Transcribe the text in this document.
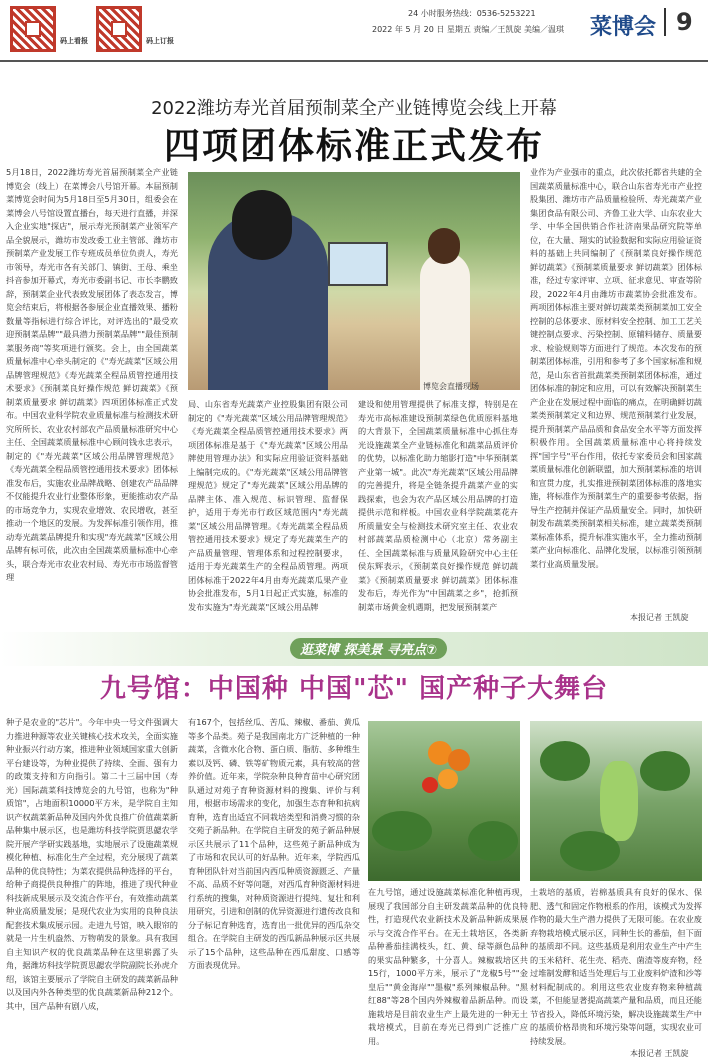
码上看报	码上订报
24 小时服务热线：0536-5253221
2022 年 5 月 20 日 星期五 责编／王凯旋 美编／温琪 菜博会 9
2022潍坊寿光首届预制菜全产业链博览会线上开幕
四项团体标准正式发布
5月18日，2022潍坊寿光首届预制菜全产业链博览会（线上）在菜博会八号馆开幕。本届预制菜博览会时间为5月18日至5月30日，组委会在菜博会八号馆设置直播台，每天进行直播，并深入企业实地"探店"，展示寿光预制菜产业领军产品全貌展示，潍坊市发改委工业主管部、潍坊市预制菜产业发展工作专班成员单位负责人，寿光市领导，寿光市各有关部门、镇街、王母、乘坐抖音参加开幕式，寿光市委副书记、市长李鹏致辞，预制菜企业代表致发展团体了表态发言，博览会结束后，将根据各参展企业直播效果、播粉数量等指标进行综合评比，对评选出的"最受欢迎预制菜品牌""最具潜力预制菜品牌""最佳预制菜服务商"等奖项进行颁奖。会上，由全国蔬菜质量标准中心牵头制定的《"寿光蔬菜"区域公用品牌管理规范》《寿光蔬菜全程品质管控通用技术要求》《预制菜良好操作规范 鲜切蔬菜》《预制菜质量要求 鲜切蔬菜》四项团体标准正式发布。中国农业科学院农业质量标准与检测技术研究所所长、农业农村部农产品质量标准研究中心主任、全国蔬菜质量标准中心顾问钱永忠表示，制定的《"寿光蔬菜"区域公用品牌管理规范》《寿光蔬菜全程品质管控通用技术要求》团体标准发布后，实施农业品牌战略、创建农产品品牌不仅能提升农业行业整体形象，更能推动农产品的市场竞争力，实现农业增效、农民增收，甚至推动一个地区的发展。为发挥标准引领作用，推动寿光蔬菜品牌提升和实现"寿光蔬菜"区域公用品牌有标可依，此次由全国蔬菜质量标准中心牵头，联合寿光市农业农村局、寿光市市场监督管理
博览会直播现场
局、山东省寿光蔬菜产业控股集团有限公司制定的《"寿光蔬菜"区域公用品牌管理规范》《寿光蔬菜全程品质管控通用技术要求》两项团体标准是基于《"寿光蔬菜"区域公用品牌使用管理办法》和实际应用验证资料基础上编制完成的。《"寿光蔬菜"区域公用品牌管理规范》规定了"寿光蔬菜"区域公用品牌的品牌主体、准入规范、标识管理、监督保护，适用于寿光市行政区域范围内"寿光蔬菜"区域公用品牌管理。《寿光蔬菜全程品质管控通用技术要求》规定了寿光蔬菜生产的产品质量管理、管理体系和过程控制要求，适用于寿光蔬菜生产的全程品质管理。两项团体标准于2022年4月由寿光蔬菜瓜果产业协会批准发布，5月1日起正式实施，标准的发布实施为"寿光蔬菜"区域公用品牌
建设和使用管理提供了标准支撑，特别是在寿光市高标准建设预制菜绿色优质原料基地的大背景下，全国蔬菜质量标准中心抓住寿光设施蔬菜全产业链标准化和蔬菜品质评价的优势，以标准化助力缩影打造"中华预制菜产业第一城"。此次"寿光蔬菜"区域公用品牌的完善提升，将是全链条提升蔬菜产业的实践探索，也会为农产品区域公用品牌的打造提供示范和样板。中国农业科学院蔬菜花卉所质量安全与检测技术研究室主任、农业农村部蔬菜品质检测中心（北京）常务副主任、全国蔬菜标准与质量风险研究中心主任侯东辉表示，《预制菜良好操作规范 鲜切蔬菜》《预制菜质量要求 鲜切蔬菜》团体标准发布后，寿光作为"中国蔬菜之乡"，抢抓预制菜市场黄金机遇期，把发展预制菜产
业作为产业强市的重点，此次依托都省共建的全国蔬菜质量标准中心，联合山东省寿光市产业控股集团、潍坊市产品质量检验所、寿光蔬菜产业集团食品有限公司、齐鲁工业大学、山东农业大学、中华全国供销合作社济南果品研究院等单位，在大量、翔实的试验数据和实际应用验证资料的基础上共同编制了《预制菜良好操作规范 鲜切蔬菜》《预制菜质量要求 鲜切蔬菜》团体标准，经过专家评审、立项、征求意见、审查等阶段，2022年4月由潍坊市蔬菜协会批准发布。两项团体标准主要对鲜切蔬菜类预制菜加工安全控制的总体要求、原材料安全控制、加工工艺关键控制点要求、污染控制、原辅料储存、质量要求、检验规则等方面进行了规范。本次发布的预制菜团体标准，引用和参考了多个国家标准和规范，是山东省首批蔬菜类预制菜团体标准，通过团体标准的制定和应用，可以有效解决预制菜生产企业在发展过程中面临的痛点，在明确鲜切蔬菜类预制菜定义和边界、规范预制菜行业发展，提升预制菜产品品质和食品安全水平等方面发挥积极作用。全国蔬菜质量标准中心将持续发挥"国字号"平台作用，依托专家委员会和国家蔬菜质量标准化创新联盟，加大预制菜标准的培训和宣贯力度，扎实推进预制菜团体标准的落地实施，将标准作为预制菜生产的重要参考依据，指导生产控制并保证产品质量安全。同时，加快研制发布蔬菜类预制菜相关标准，建立蔬菜类预制菜标准体系，提升标准实施水平，全力推动预制菜产业向标准化、品牌化发展，以标准引领预制菜行业高质量发展。
本报记者 王凯旋
逛菜博 探美景 寻亮点⑦
九号馆：中国种 中国"芯" 国产种子大舞台
种子是农业的"芯片"。今年中央一号文件强调大力推进种源等农业关键核心技术攻关，全面实施种业振兴行动方案，推进种业领域国家重大创新平台建设等，为种业提供了持续、全面、强有力的政策支持和方向指引。第二十三届中国（寿光）国际蔬菜科技博览会的九号馆，也称为"种质馆"，占地面积10000平方米，是学院自主知识产权蔬菜新品种及国内外优良推广价值蔬菜新品种集中展示区，也是潍坊科技学院贾思勰农学院开展产学研实践基地，实地展示了设施蔬菜规模化种植、标准化生产全过程，充分展现了蔬菜品种的优良特性；为菜农提供品种选择的平台，给种子商提供良种推广的阵地，推进了现代种业科技新成果展示及交流合作平台，有效推动蔬菜种业高质量发展；是现代农业为实用的良种良法配套技术集成展示园。走进九号馆，映入眼帘的就是一片生机盎然、万物萌发的景象。具有我国自主知识产权的优良蔬菜品种在这里崭露了头角，据潍坊科技学院贾思勰农学院副院长孙虎介绍，该馆主要展示了学院自主研发的蔬菜新品种以及国内外各种类型的优良蔬菜新品种212个。其中，国产品种有剧八成，
有167个，包括丝瓜、苦瓜、辣椒、番茄、黄瓜等多个品类。苑子是我国南北方广泛种植的一种蔬菜，含微水化合物、蛋白质、脂肪、多种维生素以及钙、磷、铁等矿物质元素，具有较高的营养价值。近年来，学院杂种良种育苗中心研究团队通过对苑子育种资源材料的搜集、评价与利用，根据市场需求的变化，加强生态育种和抗病育种，选育出适宜不同栽培类型和消费习惯的杂交苑子新品种。在学院自主研发的苑子新品种展示区共展示了11个品种，这些苑子新品种成为了市场和农民认可的好品种。近年来，学院西瓜育种团队针对当前国内西瓜种质资源匮乏、产量不高、品质不好等问题，对西瓜育种资源材料进行系统的搜集，对种质资源进行提纯、复壮和利用研究，引进和创制的优异资源进行遗传改良和分子标记育种选育，选育出一批优异的西瓜杂交组合。在学院自主研发的西瓜新品种展示区共展示了15个品种，这些品种在西瓜甜度、口感等方面表现优异。
在九号馆，通过设施蔬菜标准化种植再现，展现了我国部分自主研发蔬菜品种的优良特性，打造现代农业新技术及新品种新成果展示与交流合作平台。在无土栽培区，各类新品种番茄挂满枝头，红、黄、绿等颜色品种的果实品种繁多，十分喜人。辣椒栽培区共15行，1000平方米，展示了"龙椒5号""金皇后""黄金海岸""墨椒"系列辣椒品种。"黑红88"等28个国内外辣椒着品新品种。而设施栽培是目前农业生产上最先进的一种无土栽培模式，目前在寿光已得到广泛推广应用。
土栽培的基质，岩棉基质具有良好的保水、保肥、透气和固定作物根系的作用，该模式为发挥作物的最大生产潜力提供了无限可能。在农业废弃物栽培模式展示区，同种生长的番茄，但下面的基质却不同。这些基质是利用农业生产中产生的玉米秸秆、花生壳、稻壳、菌渣等废弃物，经过堆制发酵和适当处理后与工业废料炉渣和沙等材料配制成的。利用这些农业废弃物来种植蔬菜，不但能显著提高蔬菜产量和品质，而且还能节省投入，降低环境污染，解决设施蔬菜生产中的基质价格昂贵和环境污染等问题，实现农业可持续发展。
本报记者 王凯旋
